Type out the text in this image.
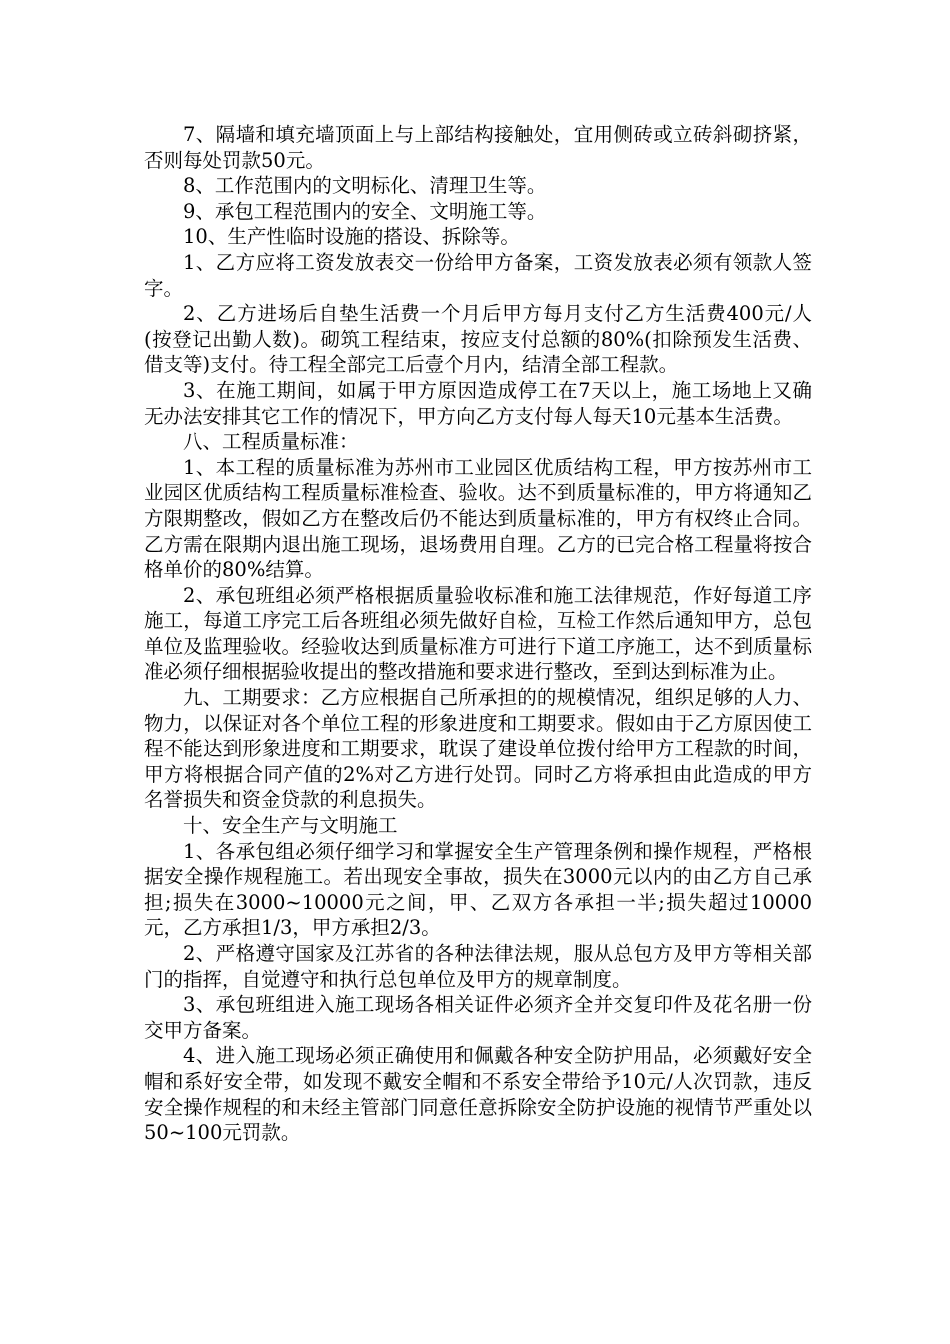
7、隔墙和填充墙顶面上与上部结构接触处，宜用侧砖或立砖斜砌挤紧，否则每处罚款50元。

8、工作范围内的文明标化、清理卫生等。

9、承包工程范围内的安全、文明施工等。

10、生产性临时设施的搭设、拆除等。

1、乙方应将工资发放表交一份给甲方备案，工资发放表必须有领款人签字。

2、乙方进场后自垫生活费一个月后甲方每月支付乙方生活费400元/人(按登记出勤人数)。砌筑工程结束，按应支付总额的80%(扣除预发生活费、借支等)支付。待工程全部完工后壹个月内，结清全部工程款。

3、在施工期间，如属于甲方原因造成停工在7天以上，施工场地上又确无办法安排其它工作的情况下，甲方向乙方支付每人每天10元基本生活费。

八、工程质量标准：

1、本工程的质量标准为苏州市工业园区优质结构工程，甲方按苏州市工业园区优质结构工程质量标准检查、验收。达不到质量标准的，甲方将通知乙方限期整改，假如乙方在整改后仍不能达到质量标准的，甲方有权终止合同。乙方需在限期内退出施工现场，退场费用自理。乙方的已完合格工程量将按合格单价的80%结算。

2、承包班组必须严格根据质量验收标准和施工法律规范，作好每道工序施工，每道工序完工后各班组必须先做好自检，互检工作然后通知甲方，总包单位及监理验收。经验收达到质量标准方可进行下道工序施工，达不到质量标准必须仔细根据验收提出的整改措施和要求进行整改，至到达到标准为止。

九、工期要求：乙方应根据自己所承担的的规模情况，组织足够的人力、物力，以保证对各个单位工程的形象进度和工期要求。假如由于乙方原因使工程不能达到形象进度和工期要求，耽误了建设单位拨付给甲方工程款的时间，甲方将根据合同产值的2%对乙方进行处罚。同时乙方将承担由此造成的甲方名誉损失和资金贷款的利息损失。

十、安全生产与文明施工

1、各承包组必须仔细学习和掌握安全生产管理条例和操作规程，严格根据安全操作规程施工。若出现安全事故，损失在3000元以内的由乙方自己承担;损失在3000~10000元之间，甲、乙双方各承担一半;损失超过10000元，乙方承担1/3，甲方承担2/3。

2、严格遵守国家及江苏省的各种法律法规，服从总包方及甲方等相关部门的指挥，自觉遵守和执行总包单位及甲方的规章制度。

3、承包班组进入施工现场各相关证件必须齐全并交复印件及花名册一份交甲方备案。

4、进入施工现场必须正确使用和佩戴各种安全防护用品，必须戴好安全帽和系好安全带，如发现不戴安全帽和不系安全带给予10元/人次罚款，违反安全操作规程的和未经主管部门同意任意拆除安全防护设施的视情节严重处以50~100元罚款。
